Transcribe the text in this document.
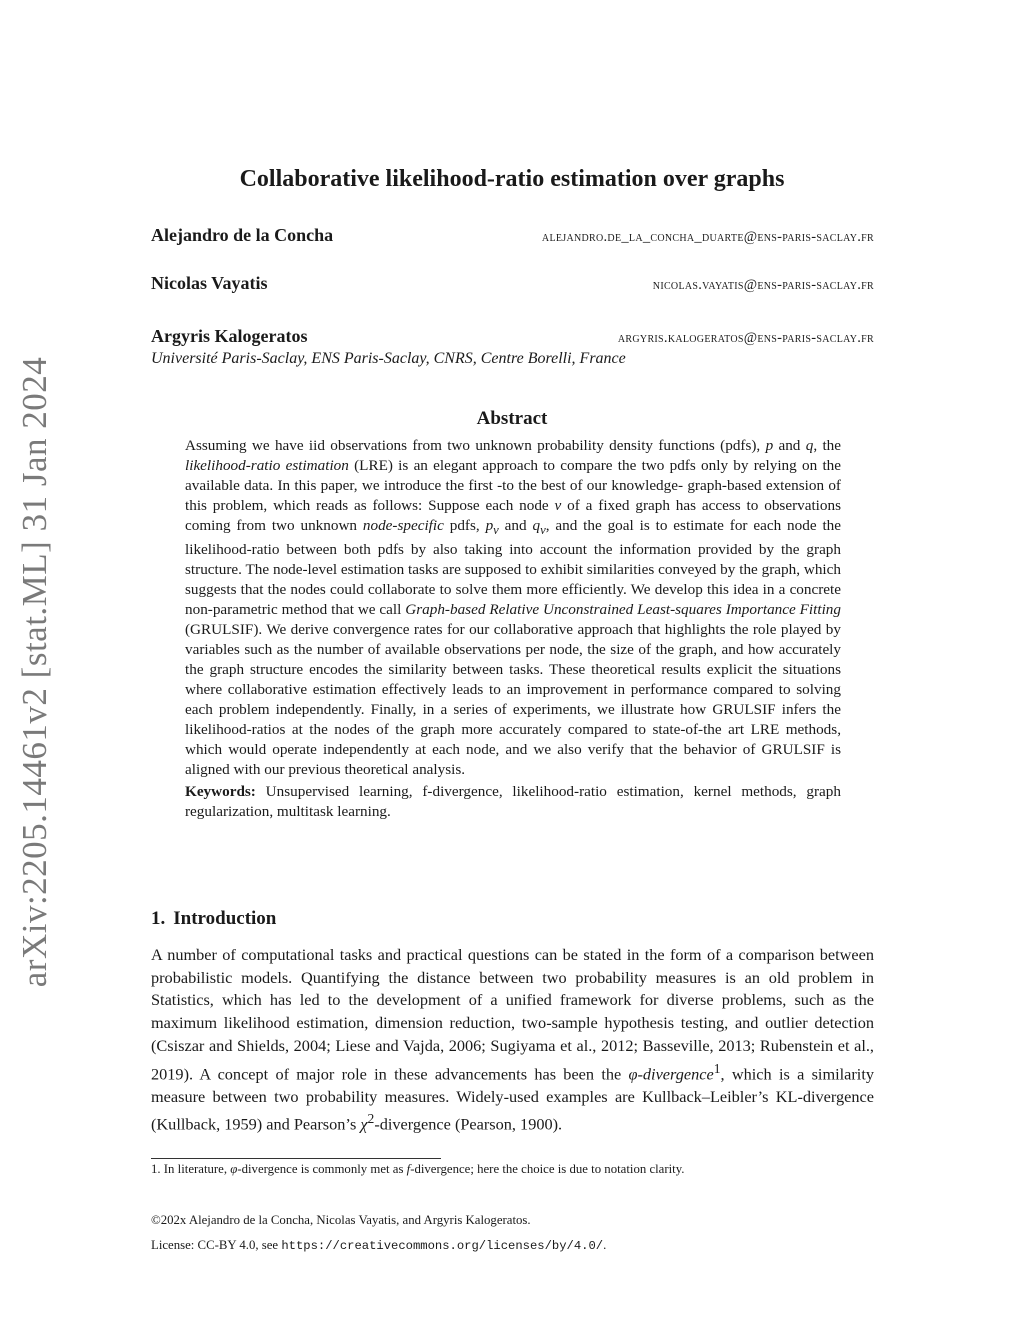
arXiv:2205.14461v2 [stat.ML] 31 Jan 2024
Collaborative likelihood-ratio estimation over graphs
Alejandro de la Concha	alejandro.de_la_concha_duarte@ens-paris-saclay.fr
Nicolas Vayatis	nicolas.vayatis@ens-paris-saclay.fr
Argyris Kalogeratos	argyris.kalogeratos@ens-paris-saclay.fr
Université Paris-Saclay, ENS Paris-Saclay, CNRS, Centre Borelli, France
Abstract

Assuming we have iid observations from two unknown probability density functions (pdfs), p and q, the likelihood-ratio estimation (LRE) is an elegant approach to compare the two pdfs only by relying on the available data. In this paper, we introduce the first -to the best of our knowledge- graph-based extension of this problem, which reads as follows: Suppose each node v of a fixed graph has access to observations coming from two unknown node-specific pdfs, $p_v$ and $q_v$, and the goal is to estimate for each node the likelihood-ratio between both pdfs by also taking into account the information provided by the graph structure. The node-level estimation tasks are supposed to exhibit similarities conveyed by the graph, which suggests that the nodes could collaborate to solve them more efficiently. We develop this idea in a concrete non-parametric method that we call Graph-based Relative Unconstrained Least-squares Importance Fitting (GRULSIF). We derive convergence rates for our collaborative approach that highlights the role played by variables such as the number of available observations per node, the size of the graph, and how accurately the graph structure encodes the similarity between tasks. These theoretical results explicit the situations where collaborative estimation effectively leads to an improvement in performance compared to solving each problem independently. Finally, in a series of experiments, we illustrate how GRULSIF infers the likelihood-ratios at the nodes of the graph more accurately compared to state-of-the art LRE methods, which would operate independently at each node, and we also verify that the behavior of GRULSIF is aligned with our previous theoretical analysis.

Keywords: Unsupervised learning, f-divergence, likelihood-ratio estimation, kernel methods, graph regularization, multitask learning.

1. Introduction

A number of computational tasks and practical questions can be stated in the form of a comparison between probabilistic models. Quantifying the distance between two probability measures is an old problem in Statistics, which has led to the development of a unified framework for diverse problems, such as the maximum likelihood estimation, dimension reduction, two-sample hypothesis testing, and outlier detection (Csiszar and Shields, 2004; Liese and Vajda, 2006; Sugiyama et al., 2012; Basseville, 2013; Rubenstein et al., 2019). A concept of major role in these advancements has been the φ-divergence$^1$, which is a similarity measure between two probability measures. Widely-used examples are Kullback–Leibler’s KL-divergence (Kullback, 1959) and Pearson’s $\chi^2$-divergence (Pearson, 1900).

1. In literature, φ-divergence is commonly met as f-divergence; here the choice is due to notation clarity.
©202x Alejandro de la Concha, Nicolas Vayatis, and Argyris Kalogeratos.
License: CC-BY 4.0, see https://creativecommons.org/licenses/by/4.0/.
